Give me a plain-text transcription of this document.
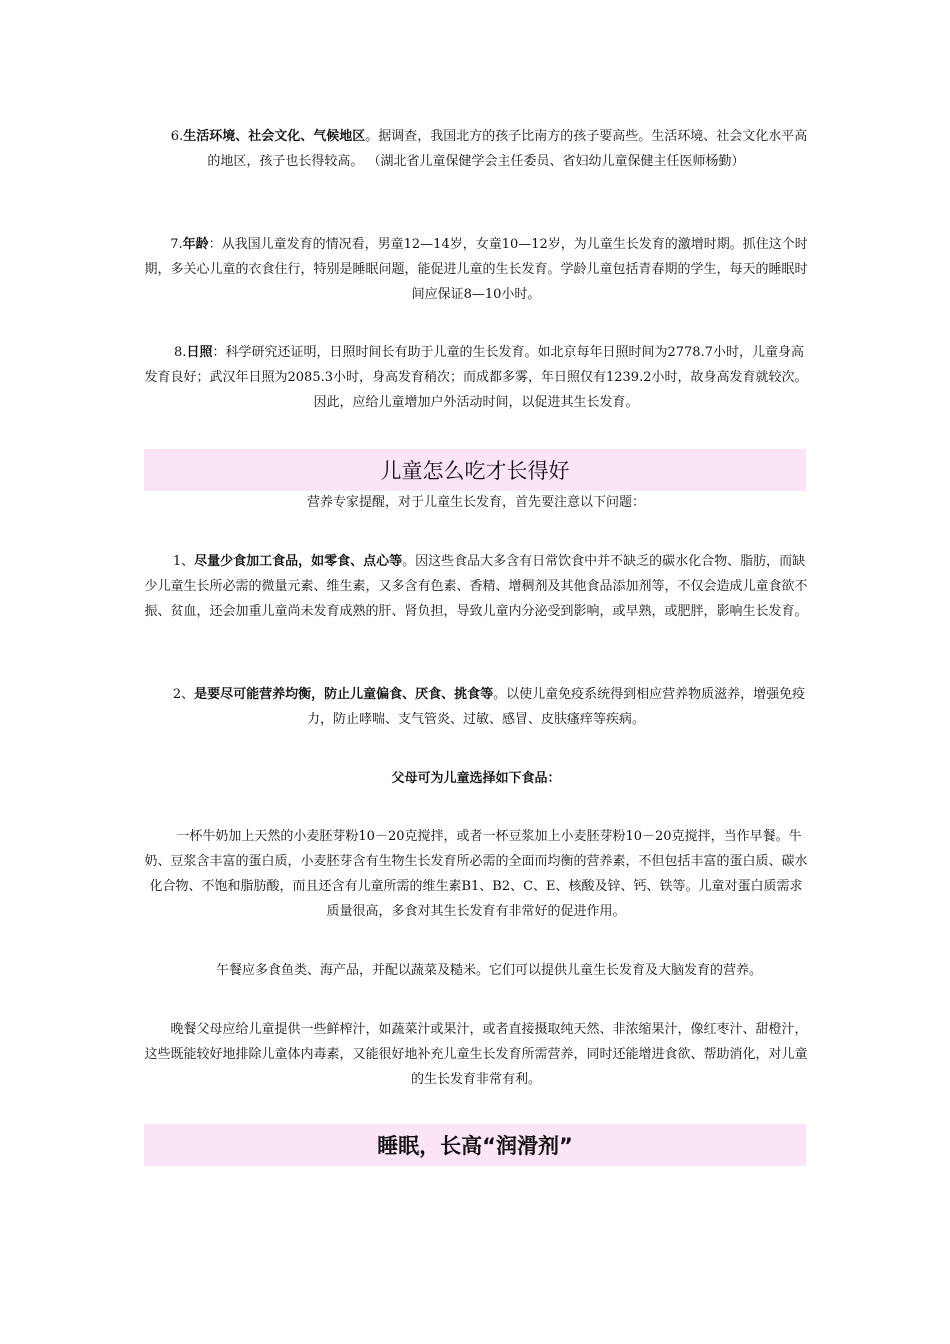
6.生活环境、社会文化、气候地区。据调查，我国北方的孩子比南方的孩子要高些。生活环境、社会文化水平高的地区，孩子也长得较高。 （湖北省儿童保健学会主任委员、省妇幼儿童保健主任医师杨勤）

7.年龄：从我国儿童发育的情况看，男童12—14岁，女童10—12岁，为儿童生长发育的激增时期。抓住这个时期，多关心儿童的衣食住行，特别是睡眠问题，能促进儿童的生长发育。学龄儿童包括青春期的学生，每天的睡眠时间应保证8—10小时。

8.日照：科学研究还证明，日照时间长有助于儿童的生长发育。如北京每年日照时间为2778.7小时，儿童身高发育良好；武汉年日照为2085.3小时，身高发育稍次；而成都多雾，年日照仅有1239.2小时，故身高发育就较次。因此，应给儿童增加户外活动时间，以促进其生长发育。

儿童怎么吃才长得好

营养专家提醒，对于儿童生长发育，首先要注意以下问题：

1、尽量少食加工食品，如零食、点心等。因这些食品大多含有日常饮食中并不缺乏的碳水化合物、脂肪，而缺少儿童生长所必需的微量元素、维生素，又多含有色素、香精、增稠剂及其他食品添加剂等，不仅会造成儿童食欲不振、贫血，还会加重儿童尚未发育成熟的肝、肾负担，导致儿童内分泌受到影响，或早熟，或肥胖，影响生长发育。

2、是要尽可能营养均衡，防止儿童偏食、厌食、挑食等。以使儿童免疫系统得到相应营养物质滋养，增强免疫力，防止哮喘、支气管炎、过敏、感冒、皮肤瘙痒等疾病。

父母可为儿童选择如下食品：

一杯牛奶加上天然的小麦胚芽粉10－20克搅拌，或者一杯豆浆加上小麦胚芽粉10－20克搅拌，当作早餐。牛奶、豆浆含丰富的蛋白质，小麦胚芽含有生物生长发育所必需的全面而均衡的营养素，不但包括丰富的蛋白质、碳水化合物、不饱和脂肪酸，而且还含有儿童所需的维生素B1、B2、C、E、核酸及锌、钙、铁等。儿童对蛋白质需求质量很高，多食对其生长发育有非常好的促进作用。

午餐应多食鱼类、海产品，并配以蔬菜及糙米。它们可以提供儿童生长发育及大脑发育的营养。

晚餐父母应给儿童提供一些鲜榨汁，如蔬菜汁或果汁，或者直接摄取纯天然、非浓缩果汁，像红枣汁、甜橙汁，这些既能较好地排除儿童体内毒素，又能很好地补充儿童生长发育所需营养，同时还能增进食欲、帮助消化，对儿童的生长发育非常有利。

睡眠，长高“润滑剂”
